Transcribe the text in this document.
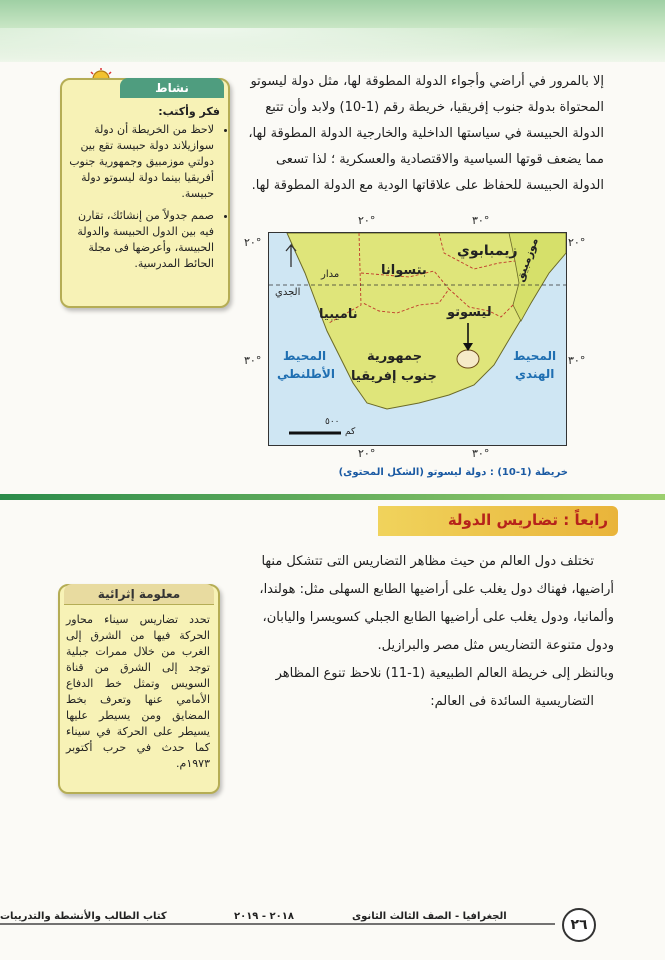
إلا بالمرور في أراضي وأجواء الدولة المطوقة لها، مثل دولة ليسوتو

المحتواة بدولة جنوب إفريقيا، خريطة رقم (1-10) ولابد وأن تتبع

الدولة الحبيسة في سياستها الداخلية والخارجية الدولة المطوقة لها،

مما يضعف قوتها السياسية والاقتصادية والعسكرية ؛ لذا تسعى

الدولة الحبيسة للحفاظ على علاقاتها الودية مع الدولة المطوقة لها.

نشاط
فكر وأكتب:
• لاحظ من الخريطة أن دولة سوازيلاند دولة حبيسة تقع بين دولتي موزمبيق وجمهورية جنوب أفريقيا بينما دولة ليسوتو دولة حبيسة.
• صمم جدولاً من إنشائك، تقارن فيه بين الدول الحبيسة والدولة الحبيسة، وأعرضها فى مجلة الحائط المدرسية.
٢٠°	٣٠°
٢٠°	٣٠°
٢٠°
٣٠°
٢٠°
٣٠°
زيمبابوي
بتسوانا
ناميبيا
موزمبيق
ليسوتو
جمهورية
جنوب إفريقيا
المحيط
الأطلنطي
المحيط
الهندي
مدار
الجدي
٥٠٠
كم
خريطة (1-10) : دولة ليسوتو (الشكل المحتوى)
رابعاً : تضاريس الدولة

تختلف دول العالم من حيث مظاهر التضاريس التى تتشكل منها

أراضيها، فهناك دول يغلب على أراضيها الطابع السهلى مثل: هولندا،

وألمانيا، ودول يغلب على أراضيها الطابع الجبلي كسويسرا واليابان،

ودول متنوعة التضاريس مثل مصر والبرازيل.

وبالنظر إلى خريطة العالم الطبيعية (1-11) نلاحظ تنوع المظاهر

التضاريسية السائدة فى العالم:

معلومة إثرائية
تحدد تضاريس سيناء محاور الحركة فيها من الشرق إلى الغرب من خلال ممرات جبلية توجد إلى الشرق من قناة السويس وتمثل خط الدفاع الأمامي عنها وتعرف بخط المضايق ومن يسيطر عليها يسيطر على الحركة في سيناء كما حدث في حرب أكتوبر ١٩٧٣م.
الجغرافيا - الصف الثالث الثانوى
٢٠١٨ - ٢٠١٩
كتاب الطالب والأنشطة والتدريبات
٢٦
